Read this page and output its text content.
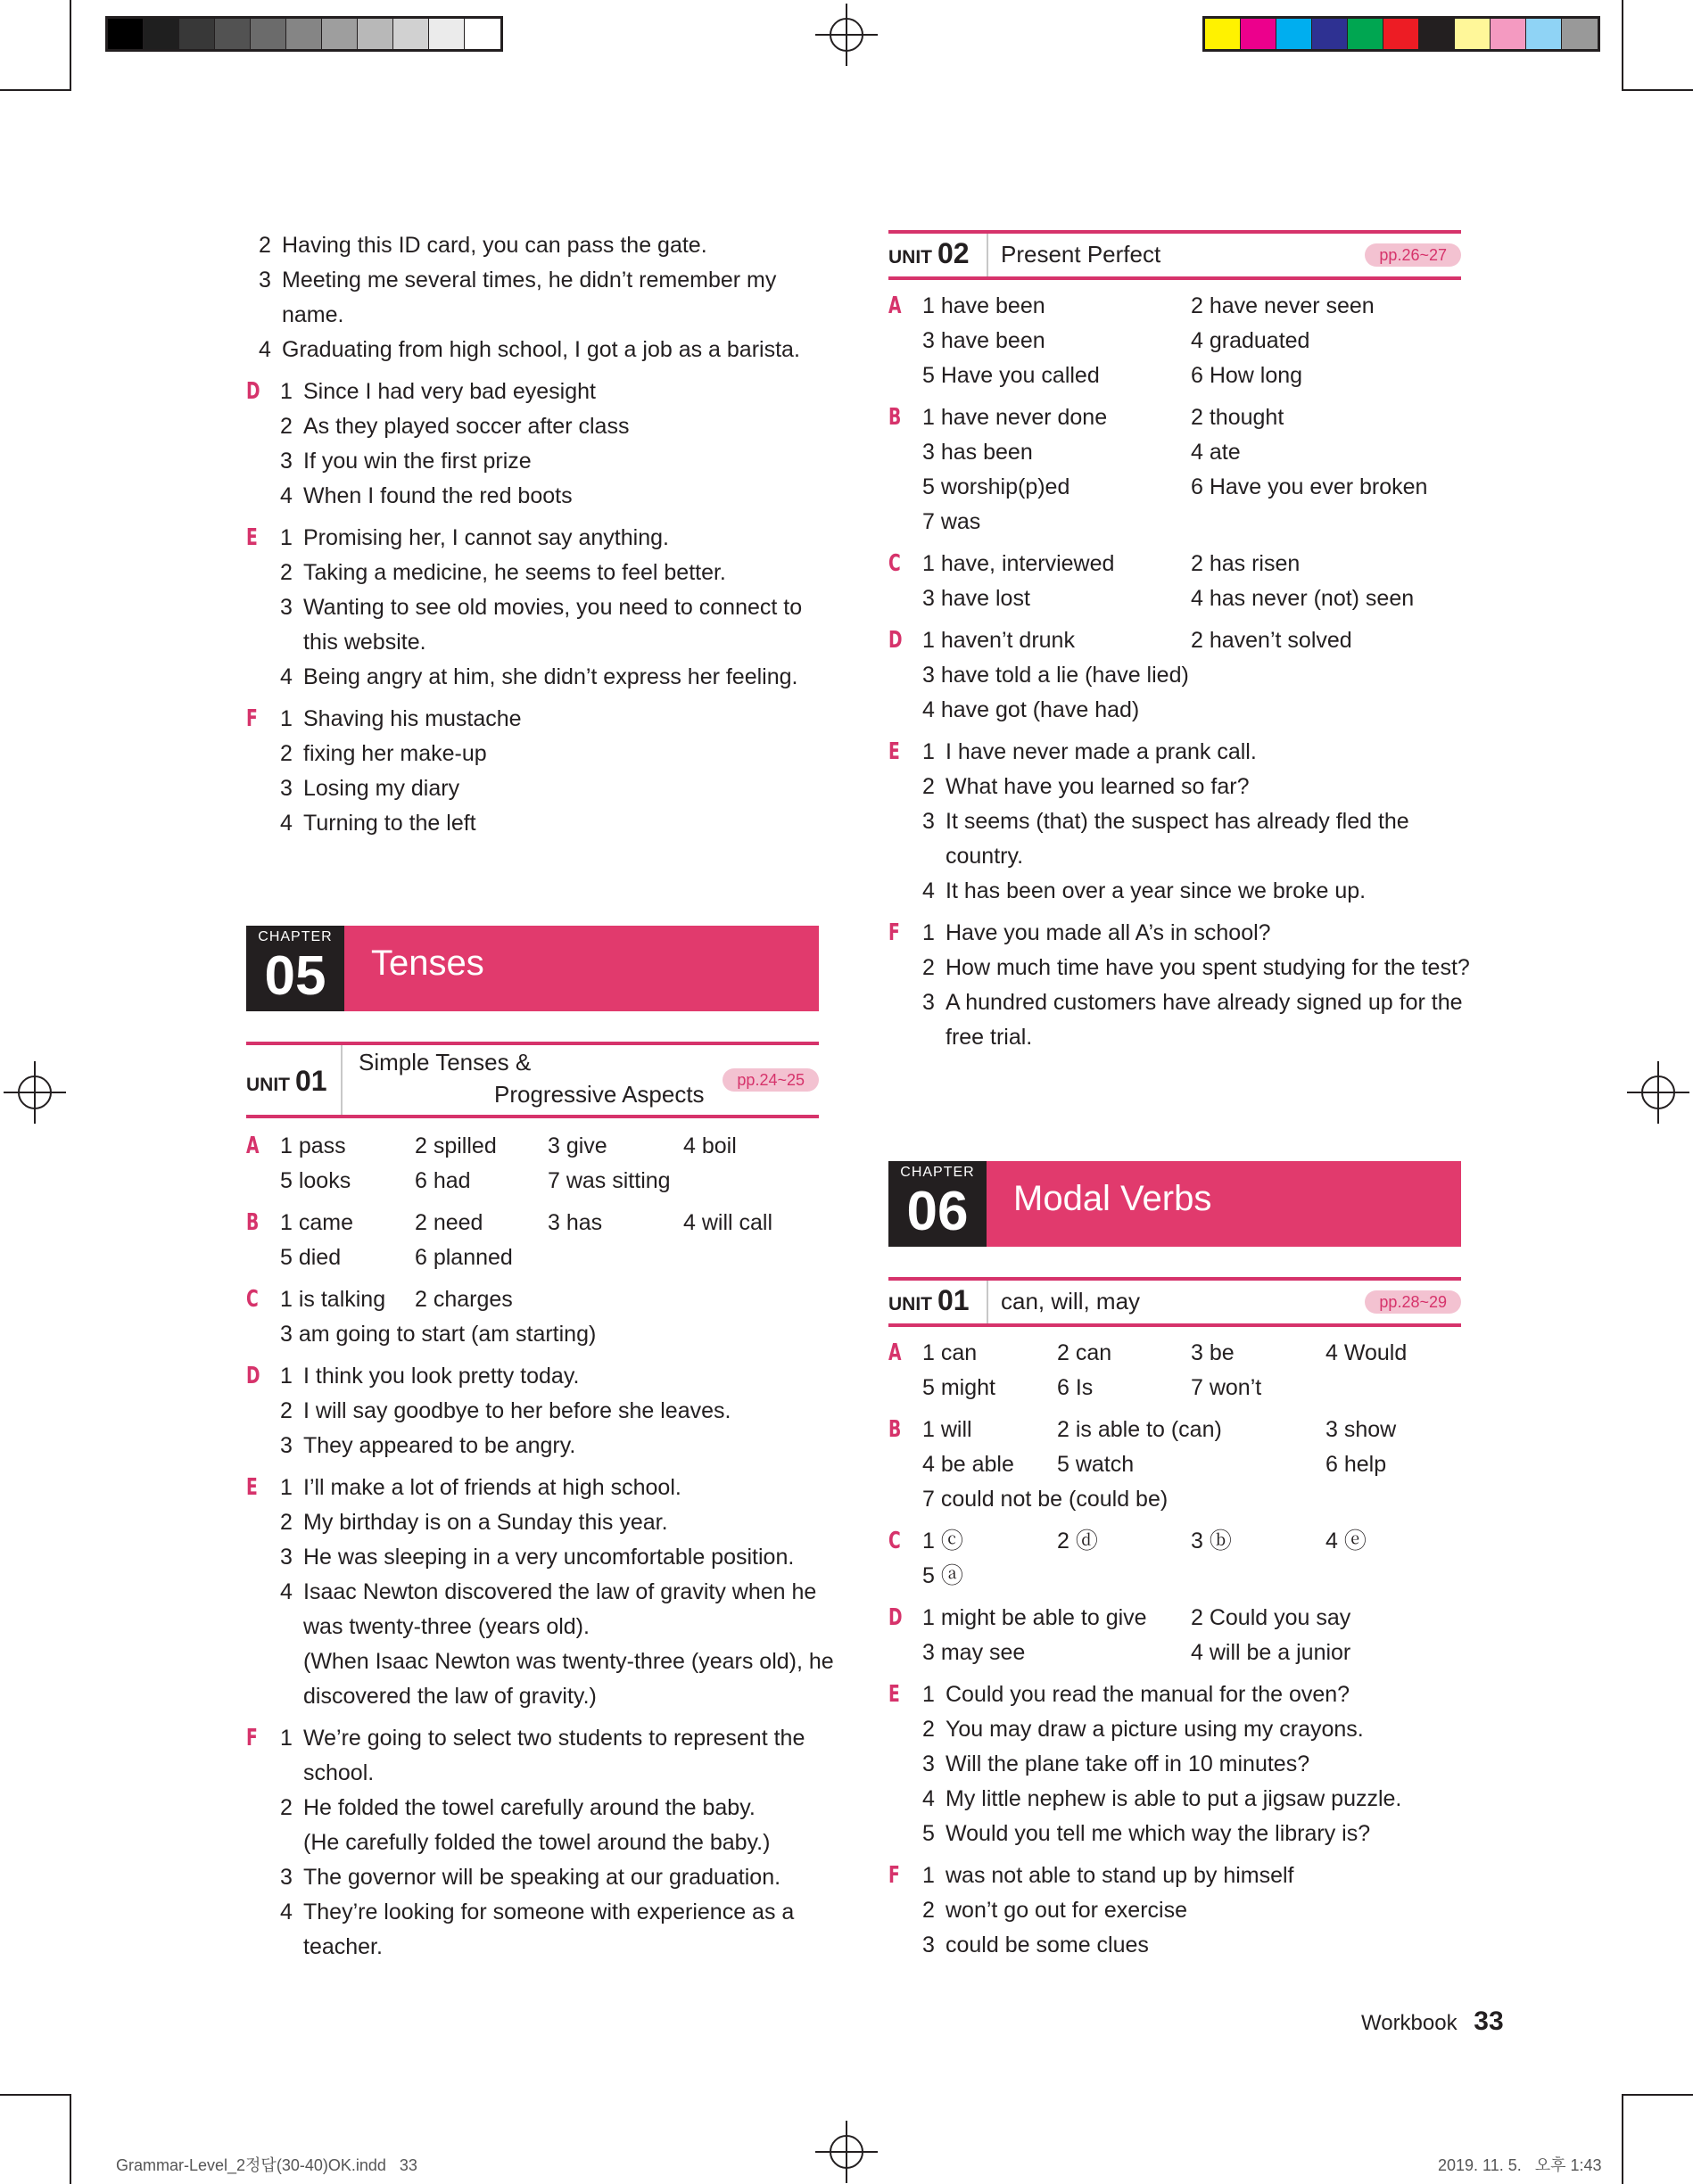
2 Having this ID card, you can pass the gate.
3 Meeting me several times, he didn’t remember my name.
4 Graduating from high school, I got a job as a barista.
D 1 Since I had very bad eyesight
2 As they played soccer after class
3 If you win the first prize
4 When I found the red boots
E 1 Promising her, I cannot say anything.
2 Taking a medicine, he seems to feel better.
3 Wanting to see old movies, you need to connect to this website.
4 Being angry at him, she didn’t express her feeling.
F 1 Shaving his mustache
2 fixing her make-up
3 Losing my diary
4 Turning to the left
CHAPTER
05	Tenses
UNIT 01
Simple Tenses &
Progressive Aspects
pp.24~25
A 1 pass	2 spilled	3 give	4 boil
5 looks	6 had	7 was sitting
B 1 came	2 need	3 has	4 will call
5 died	6 planned
C 1 is talking	2 charges
3 am going to start (am starting)
D 1 I think you look pretty today.
2 I will say goodbye to her before she leaves.
3 They appeared to be angry.
E 1 I’ll make a lot of friends at high school.
2 My birthday is on a Sunday this year.
3 He was sleeping in a very uncomfortable position.
4 Isaac Newton discovered the law of gravity when he was twenty-three (years old).
(When Isaac Newton was twenty-three (years old), he discovered the law of gravity.)
F 1 We’re going to select two students to represent the school.
2 He folded the towel carefully around the baby.
(He carefully folded the towel around the baby.)
3 The governor will be speaking at our graduation.
4 They’re looking for someone with experience as a teacher.
UNIT 02 Present Perfect	pp.26~27
A 1 have been	2 have never seen
3 have been	4 graduated
5 Have you called	6 How long
B 1 have never done	2 thought
3 has been	4 ate
5 worship(p)ed	6 Have you ever broken
7 was
C 1 have, interviewed	2 has risen
3 have lost	4 has never (not) seen
D 1 haven’t drunk	2 haven’t solved
3 have told a lie (have lied)
4 have got (have had)
E 1 I have never made a prank call.
2 What have you learned so far?
3 It seems (that) the suspect has already fled the country.
4 It has been over a year since we broke up.
F 1 Have you made all A’s in school?
2 How much time have you spent studying for the test?
3 A hundred customers have already signed up for the free trial.
CHAPTER
06	Modal Verbs
UNIT 01 can, will, may	pp.28~29
A 1 can	2 can	3 be	4 Would
5 might	6 Is	7 won’t
B 1 will	2 is able to (can)	3 show
4 be able	5 watch	6 help
7 could not be (could be)
C 1 ⓒ	2 ⓓ	3 ⓑ	4 ⓔ
5 ⓐ
D 1 might be able to give	2 Could you say
3 may see	4 will be a junior
E 1 Could you read the manual for the oven?
2 You may draw a picture using my crayons.
3 Will the plane take off in 10 minutes?
4 My little nephew is able to put a jigsaw puzzle.
5 Would you tell me which way the library is?
F 1 was not able to stand up by himself
2 won’t go out for exercise
3 could be some clues
Workbook 33
Grammar-Level_2정답(30-40)OK.indd   33	2019. 11. 5.   오후 1:43
